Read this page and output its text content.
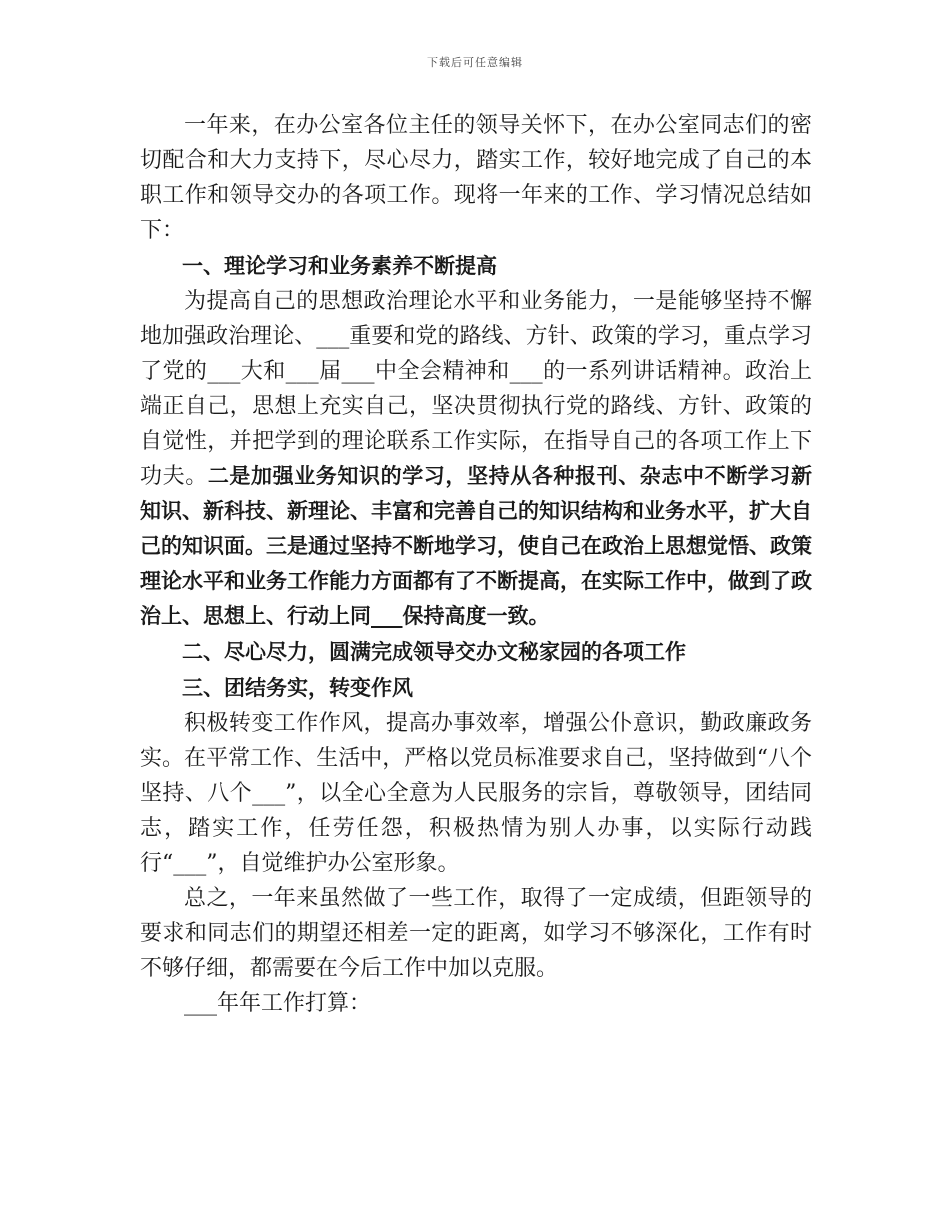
下载后可任意编辑

一年来，在办公室各位主任的领导关怀下，在办公室同志们的密切配合和大力支持下，尽心尽力，踏实工作，较好地完成了自己的本职工作和领导交办的各项工作。现将一年来的工作、学习情况总结如下：

一、理论学习和业务素养不断提高

为提高自己的思想政治理论水平和业务能力，一是能够坚持不懈地加强政治理论、___重要和党的路线、方针、政策的学习，重点学习了党的___大和___届___中全会精神和___的一系列讲话精神。政治上端正自己，思想上充实自己，坚决贯彻执行党的路线、方针、政策的自觉性，并把学到的理论联系工作实际，在指导自己的各项工作上下功夫。二是加强业务知识的学习，坚持从各种报刊、杂志中不断学习新知识、新科技、新理论、丰富和完善自己的知识结构和业务水平，扩大自己的知识面。三是通过坚持不断地学习，使自己在政治上思想觉悟、政策理论水平和业务工作能力方面都有了不断提高，在实际工作中，做到了政治上、思想上、行动上同___保持高度一致。

二、尽心尽力，圆满完成领导交办文秘家园的各项工作

三、团结务实，转变作风

积极转变工作作风，提高办事效率，增强公仆意识，勤政廉政务实。在平常工作、生活中，严格以党员标准要求自己，坚持做到“八个坚持、八个___”，以全心全意为人民服务的宗旨，尊敬领导，团结同志，踏实工作，任劳任怨，积极热情为别人办事，以实际行动践行“___”，自觉维护办公室形象。

总之，一年来虽然做了一些工作，取得了一定成绩，但距领导的要求和同志们的期望还相差一定的距离，如学习不够深化，工作有时不够仔细，都需要在今后工作中加以克服。

___年年工作打算：
